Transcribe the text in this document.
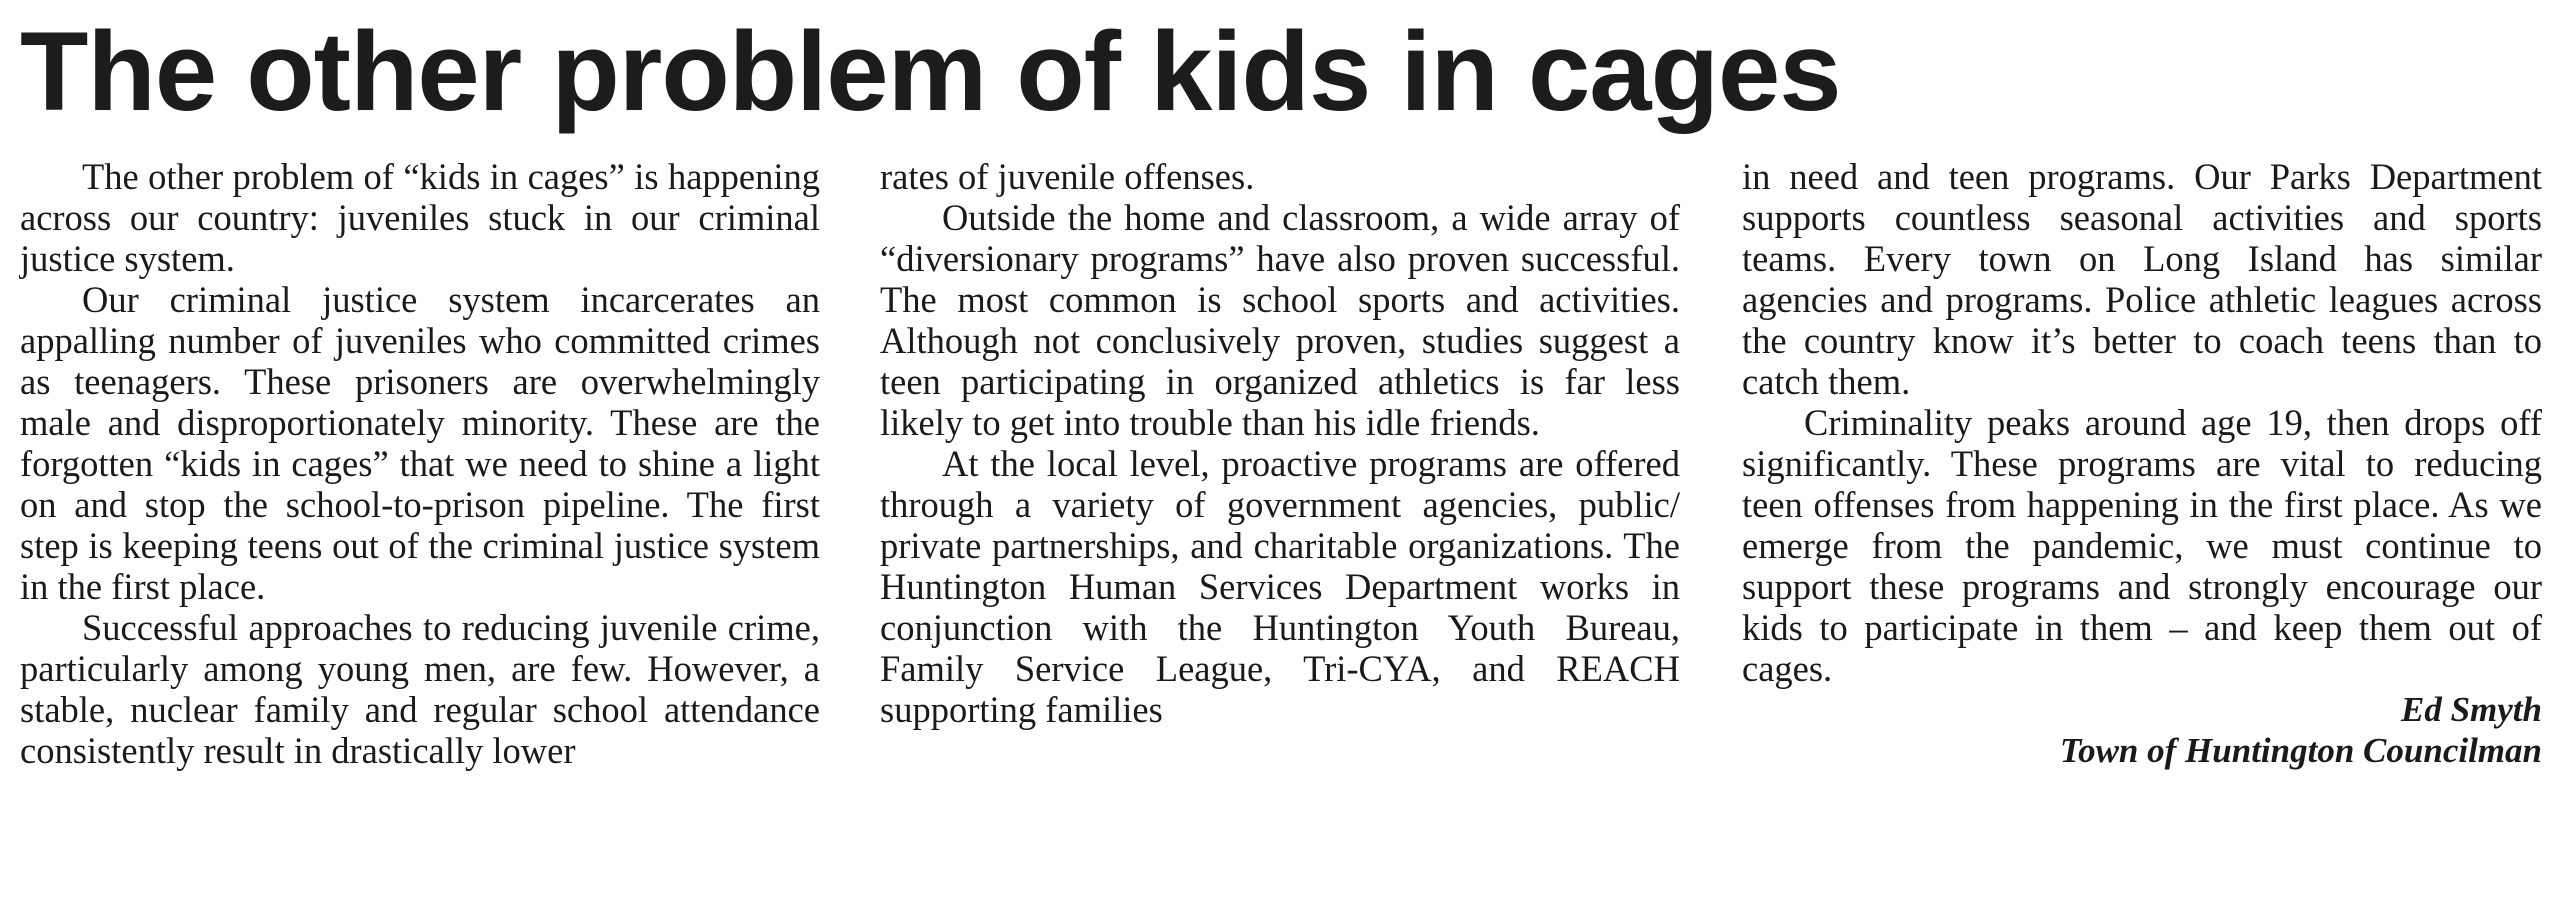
The other problem of kids in cages

The other problem of “kids in cages” is happening across our country: juveniles stuck in our criminal justice system.

Our criminal justice system incarcerates an appalling number of juveniles who committed crimes as teenagers. These prisoners are overwhelmingly male and disproportionately minority. These are the forgotten “kids in cages” that we need to shine a light on and stop the school-to-prison pipeline. The first step is keeping teens out of the criminal justice system in the first place.

Successful approaches to reducing juvenile crime, particularly among young men, are few. However, a stable, nuclear family and regular school attendance consistently result in drastically lower

rates of juvenile offenses.

Outside the home and classroom, a wide array of “diversionary programs” have also proven successful. The most common is school sports and activities. Although not conclusively proven, studies suggest a teen participating in organized athletics is far less likely to get into trouble than his idle friends.

At the local level, proactive programs are offered through a variety of government agencies, public/ private partnerships, and charitable organizations. The Huntington Human Services Department works in conjunction with the Huntington Youth Bureau, Family Service League, Tri-CYA, and REACH supporting families

in need and teen programs. Our Parks Department supports countless seasonal activities and sports teams. Every town on Long Island has similar agencies and programs. Police athletic leagues across the country know it’s better to coach teens than to catch them.

Criminality peaks around age 19, then drops off significantly. These programs are vital to reducing teen offenses from happening in the first place. As we emerge from the pandemic, we must continue to support these programs and strongly encourage our kids to participate in them – and keep them out of cages.

Ed Smyth
Town of Huntington Councilman
